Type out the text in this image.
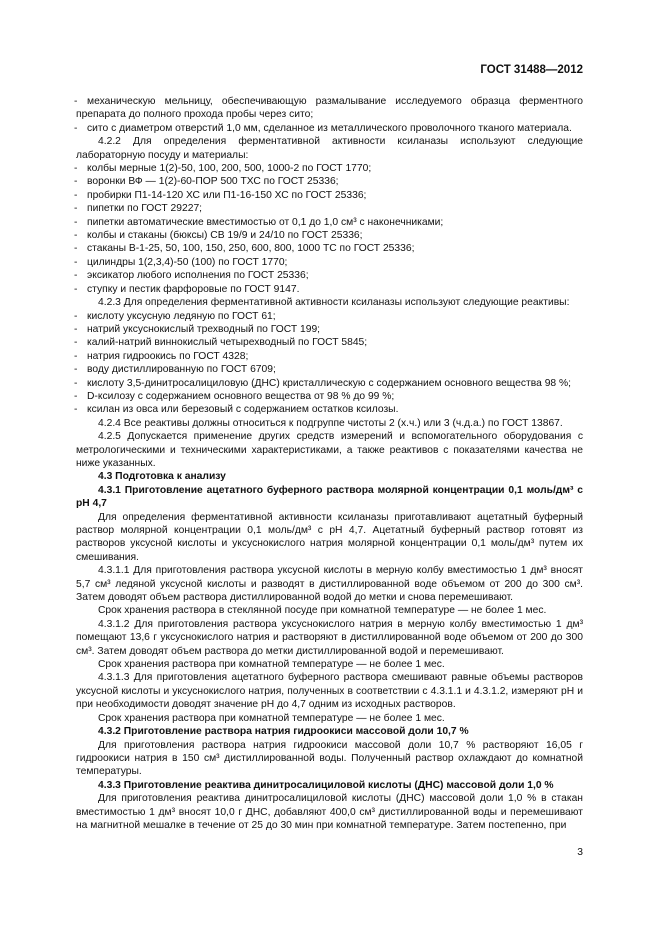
ГОСТ 31488—2012

- механическую мельницу, обеспечивающую размалывание исследуемого образца ферментного препарата до полного прохода пробы через сито;

- сито с диаметром отверстий 1,0 мм, сделанное из металлического проволочного тканого материала.

4.2.2 Для определения ферментативной активности ксиланазы используют следующие лабораторную посуду и материалы:

- колбы мерные 1(2)-50, 100, 200, 500, 1000-2 по ГОСТ 1770;

- воронки ВФ — 1(2)-60-ПОР 500 ТХС по ГОСТ 25336;

- пробирки П1-14-120 ХС или П1-16-150 ХС по ГОСТ 25336;

- пипетки по ГОСТ 29227;

- пипетки автоматические вместимостью от 0,1 до 1,0 см³ с наконечниками;

- колбы и стаканы (бюксы) СВ 19/9 и 24/10 по ГОСТ 25336;

- стаканы В-1-25, 50, 100, 150, 250, 600, 800, 1000 ТС по ГОСТ 25336;

- цилиндры 1(2,3,4)-50 (100) по ГОСТ 1770;

- эксикатор любого исполнения по ГОСТ 25336;

- ступку и пестик фарфоровые по ГОСТ 9147.

4.2.3 Для определения ферментативной активности ксиланазы используют следующие реактивы:

- кислоту уксусную ледяную по ГОСТ 61;

- натрий уксуснокислый трехводный по ГОСТ 199;

- калий-натрий виннокислый четырехводный по ГОСТ 5845;

- натрия гидроокись по ГОСТ 4328;

- воду дистиллированную по ГОСТ 6709;

- кислоту 3,5-динитросалициловую (ДНС) кристаллическую с содержанием основного вещества 98 %;

- D-ксилозу с содержанием основного вещества от 98 % до 99 %;

- ксилан из овса или березовый с содержанием остатков ксилозы.

4.2.4 Все реактивы должны относиться к подгруппе чистоты 2 (х.ч.) или 3 (ч.д.а.) по ГОСТ 13867.

4.2.5 Допускается применение других средств измерений и вспомогательного оборудования с метрологическими и техническими характеристиками, а также реактивов с показателями качества не ниже указанных.

4.3 Подготовка к анализу

4.3.1 Приготовление ацетатного буферного раствора молярной концентрации 0,1 моль/дм³ с pH 4,7

Для определения ферментативной активности ксиланазы приготавливают ацетатный буферный раствор молярной концентрации 0,1 моль/дм³ с pH 4,7. Ацетатный буферный раствор готовят из растворов уксусной кислоты и уксуснокислого натрия молярной концентрации 0,1 моль/дм³ путем их смешивания.

4.3.1.1 Для приготовления раствора уксусной кислоты в мерную колбу вместимостью 1 дм³ вносят 5,7 см³ ледяной уксусной кислоты и разводят в дистиллированной воде объемом от 200 до 300 см³. Затем доводят объем раствора дистиллированной водой до метки и снова перемешивают.

Срок хранения раствора в стеклянной посуде при комнатной температуре — не более 1 мес.

4.3.1.2 Для приготовления раствора уксуснокислого натрия в мерную колбу вместимостью 1 дм³ помещают 13,6 г уксуснокислого натрия и растворяют в дистиллированной воде объемом от 200 до 300 см³. Затем доводят объем раствора до метки дистиллированной водой и перемешивают.

Срок хранения раствора при комнатной температуре — не более 1 мес.

4.3.1.3 Для приготовления ацетатного буферного раствора смешивают равные объемы растворов уксусной кислоты и уксуснокислого натрия, полученных в соответствии с 4.3.1.1 и 4.3.1.2, измеряют pH и при необходимости доводят значение pH до 4,7 одним из исходных растворов.

Срок хранения раствора при комнатной температуре — не более 1 мес.

4.3.2 Приготовление раствора натрия гидроокиси массовой доли 10,7 %

Для приготовления раствора натрия гидроокиси массовой доли 10,7 % растворяют 16,05 г гидроокиси натрия в 150 см³ дистиллированной воды. Полученный раствор охлаждают до комнатной температуры.

4.3.3 Приготовление реактива динитросалициловой кислоты (ДНС) массовой доли 1,0 %

Для приготовления реактива динитросалициловой кислоты (ДНС) массовой доли 1,0 % в стакан вместимостью 1 дм³ вносят 10,0 г ДНС, добавляют 400,0 см³ дистиллированной воды и перемешивают на магнитной мешалке в течение от 25 до 30 мин при комнатной температуре. Затем постепенно, при

3
